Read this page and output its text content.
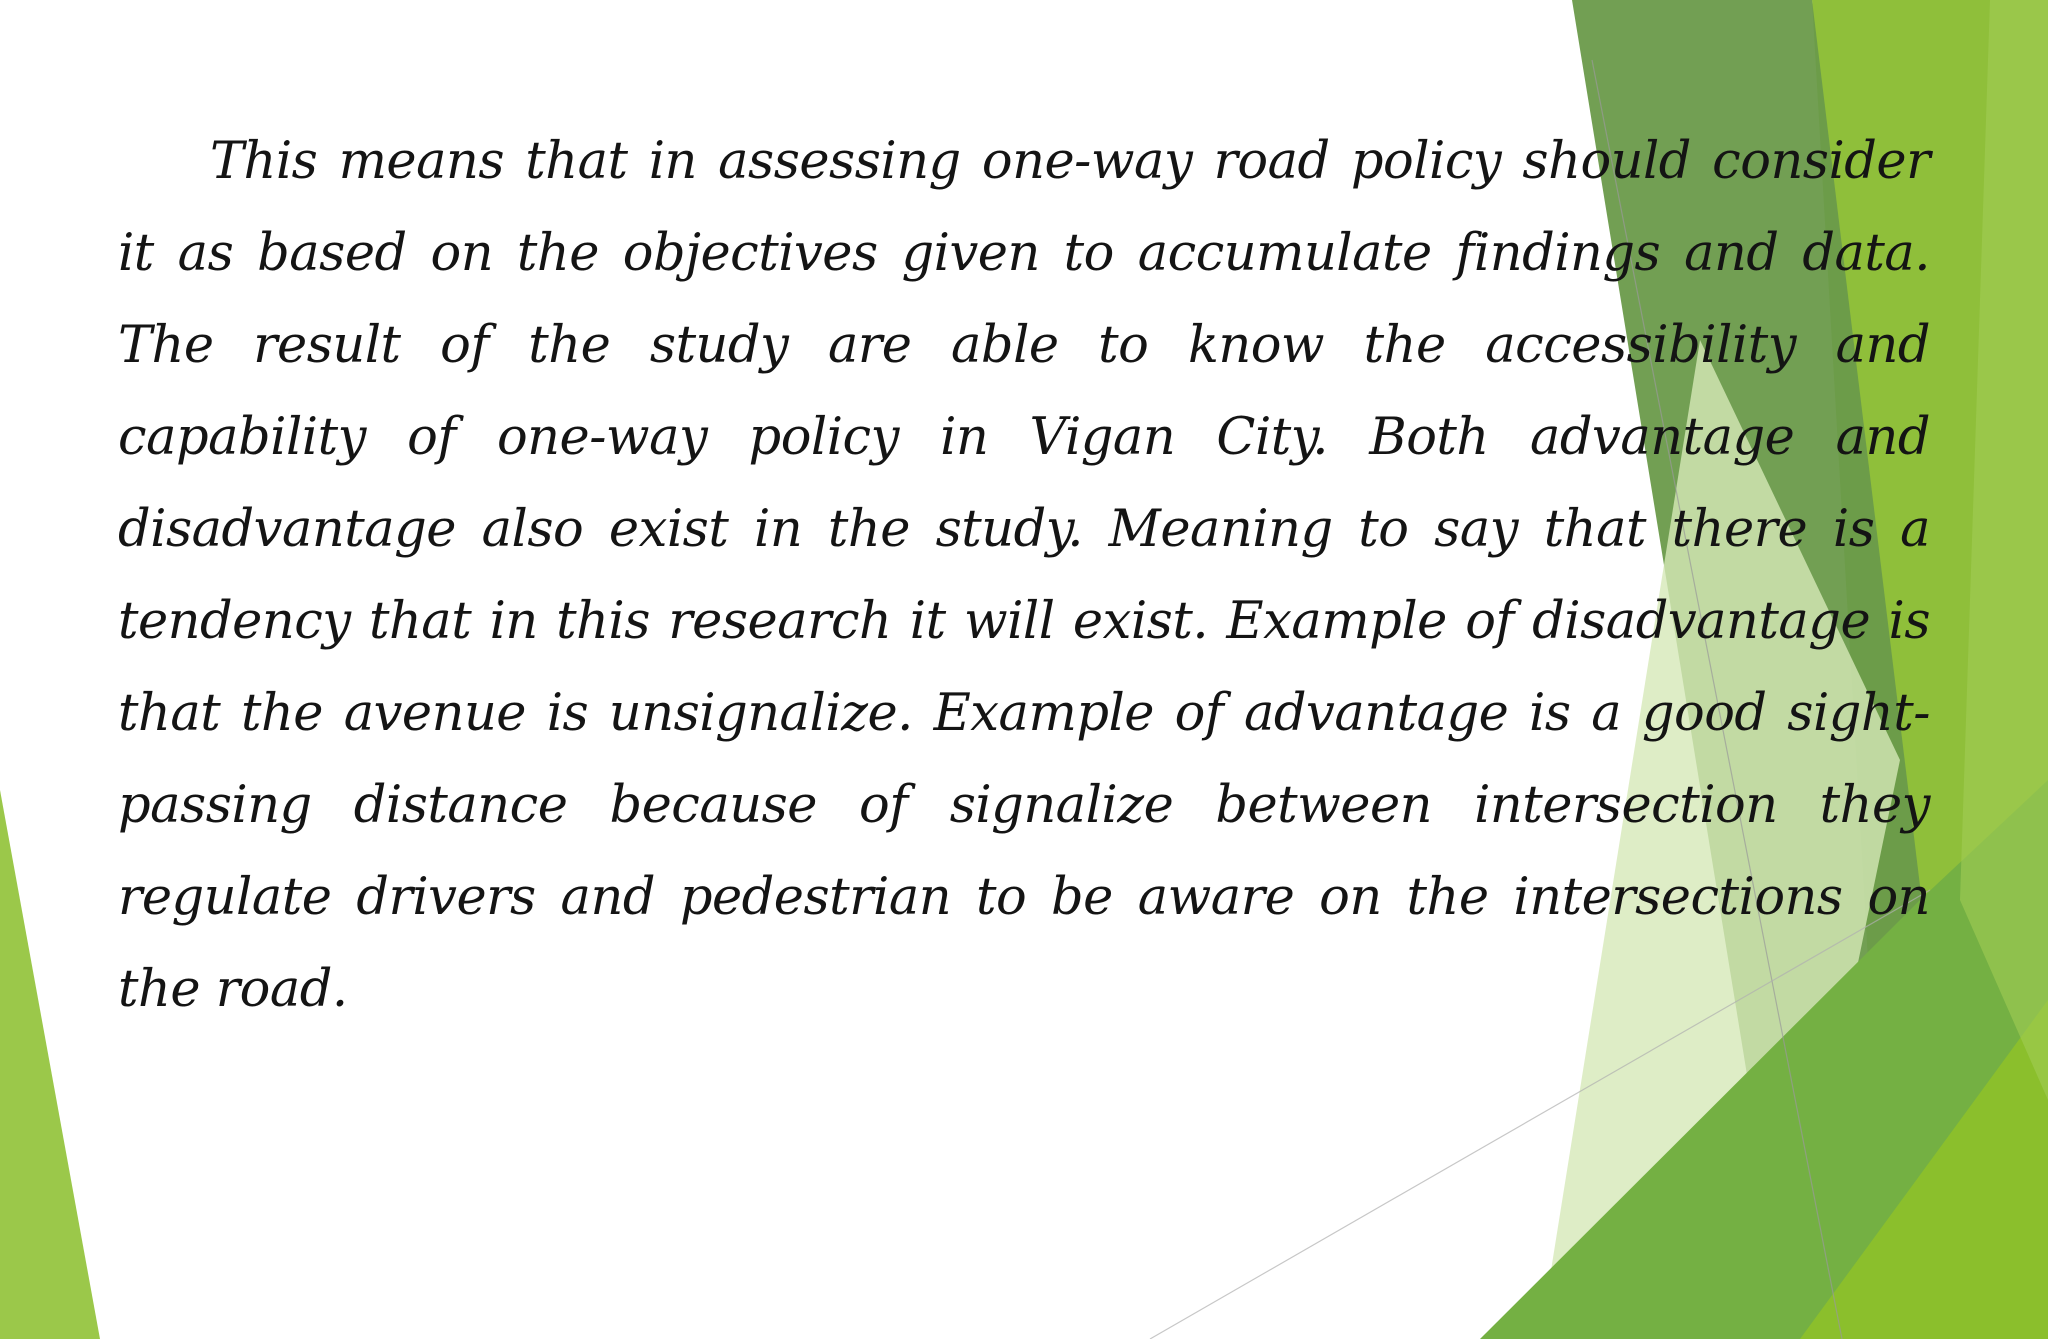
This means that in assessing one-way road policy should consider it as based on the objectives given to accumulate findings and data. The result of the study are able to know the accessibility and capability of one-way policy in Vigan City. Both advantage and disadvantage also exist in the study. Meaning to say that there is a tendency that in this research it will exist. Example of disadvantage is that the avenue is unsignalize. Example of advantage is a good sight-passing distance because of signalize between intersection they regulate drivers and pedestrian to be aware on the intersections on the road.
